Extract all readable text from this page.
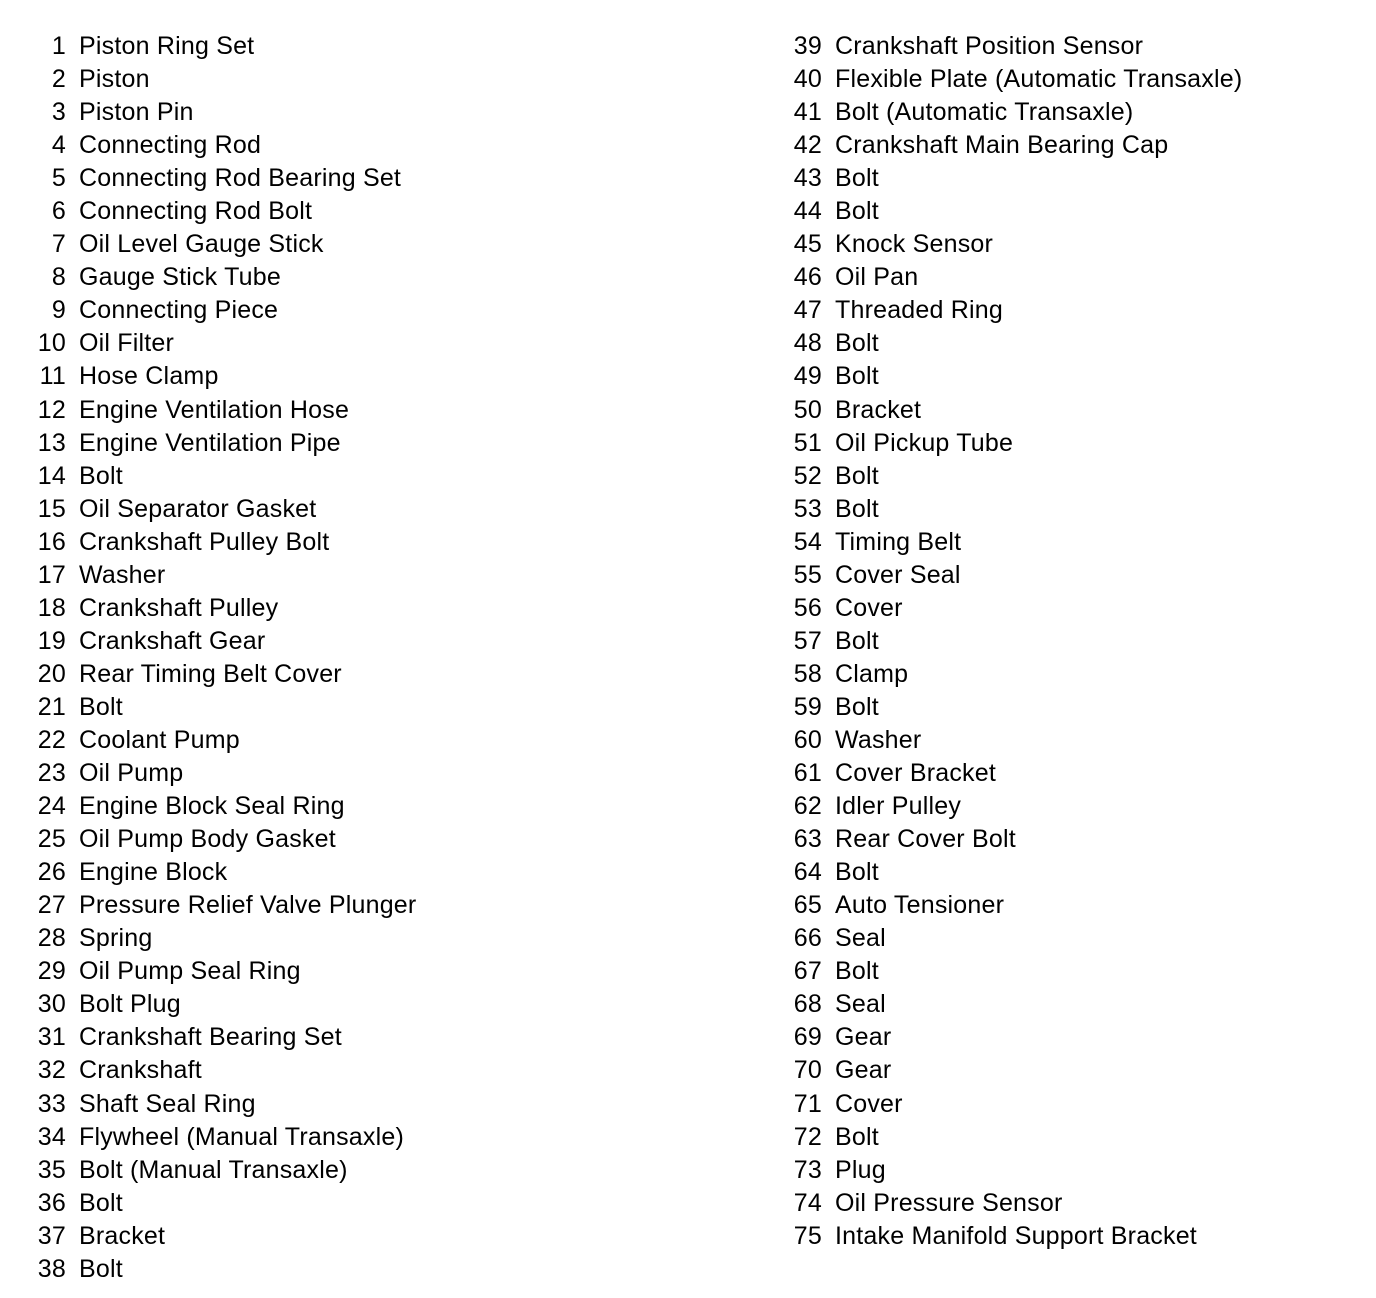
1 Piston Ring Set
2 Piston
3 Piston Pin
4 Connecting Rod
5 Connecting Rod Bearing Set
6 Connecting Rod Bolt
7 Oil Level Gauge Stick
8 Gauge Stick Tube
9 Connecting Piece
10 Oil Filter
11 Hose Clamp
12 Engine Ventilation Hose
13 Engine Ventilation Pipe
14 Bolt
15 Oil Separator Gasket
16 Crankshaft Pulley Bolt
17 Washer
18 Crankshaft Pulley
19 Crankshaft Gear
20 Rear Timing Belt Cover
21 Bolt
22 Coolant Pump
23 Oil Pump
24 Engine Block Seal Ring
25 Oil Pump Body Gasket
26 Engine Block
27 Pressure Relief Valve Plunger
28 Spring
29 Oil Pump Seal Ring
30 Bolt Plug
31 Crankshaft Bearing Set
32 Crankshaft
33 Shaft Seal Ring
34 Flywheel (Manual Transaxle)
35 Bolt (Manual Transaxle)
36 Bolt
37 Bracket
38 Bolt
39 Crankshaft Position Sensor
40 Flexible Plate (Automatic Transaxle)
41 Bolt (Automatic Transaxle)
42 Crankshaft Main Bearing Cap
43 Bolt
44 Bolt
45 Knock Sensor
46 Oil Pan
47 Threaded Ring
48 Bolt
49 Bolt
50 Bracket
51 Oil Pickup Tube
52 Bolt
53 Bolt
54 Timing Belt
55 Cover Seal
56 Cover
57 Bolt
58 Clamp
59 Bolt
60 Washer
61 Cover Bracket
62 Idler Pulley
63 Rear Cover Bolt
64 Bolt
65 Auto Tensioner
66 Seal
67 Bolt
68 Seal
69 Gear
70 Gear
71 Cover
72 Bolt
73 Plug
74 Oil Pressure Sensor
75 Intake Manifold Support Bracket
